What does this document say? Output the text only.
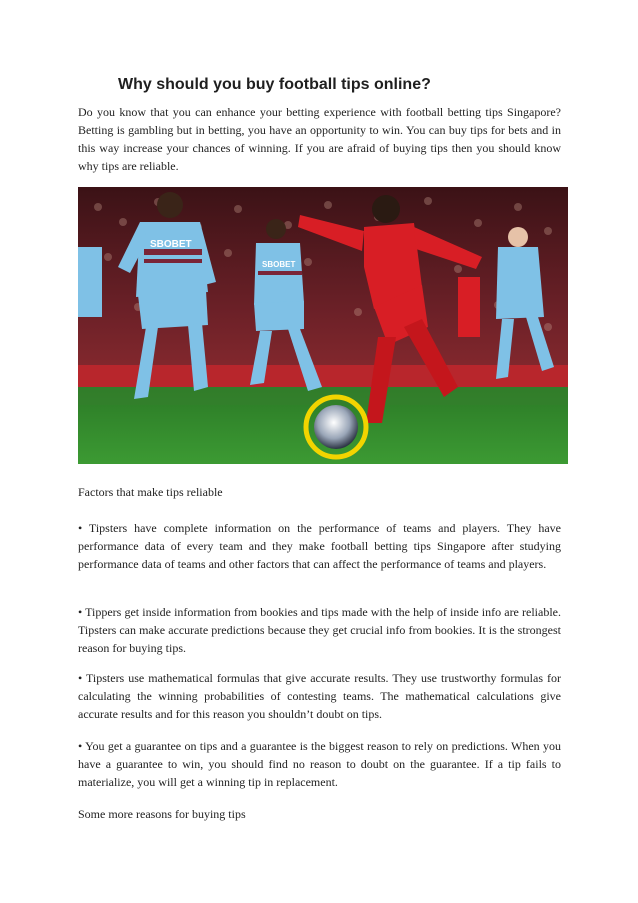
Why should you buy football tips online?

Do you know that you can enhance your betting experience with football betting tips Singapore? Betting is gambling but in betting, you have an opportunity to win. You can buy tips for bets and in this way increase your chances of winning. If you are afraid of buying tips then you should know why tips are reliable.

SBOBET
SBOBET

Factors that make tips reliable

• Tipsters have complete information on the performance of teams and players. They have performance data of every team and they make football betting tips Singapore after studying performance data of teams and other factors that can affect the performance of teams and players.

• Tippers get inside information from bookies and tips made with the help of inside info are reliable. Tipsters can make accurate predictions because they get crucial info from bookies. It is the strongest reason for buying tips.

• Tipsters use mathematical formulas that give accurate results. They use trustworthy formulas for calculating the winning probabilities of contesting teams. The mathematical calculations give accurate results and for this reason you shouldn’t doubt on tips.

• You get a guarantee on tips and a guarantee is the biggest reason to rely on predictions. When you have a guarantee to win, you should find no reason to doubt on the guarantee. If a tip fails to materialize, you will get a winning tip in replacement.

Some more reasons for buying tips
